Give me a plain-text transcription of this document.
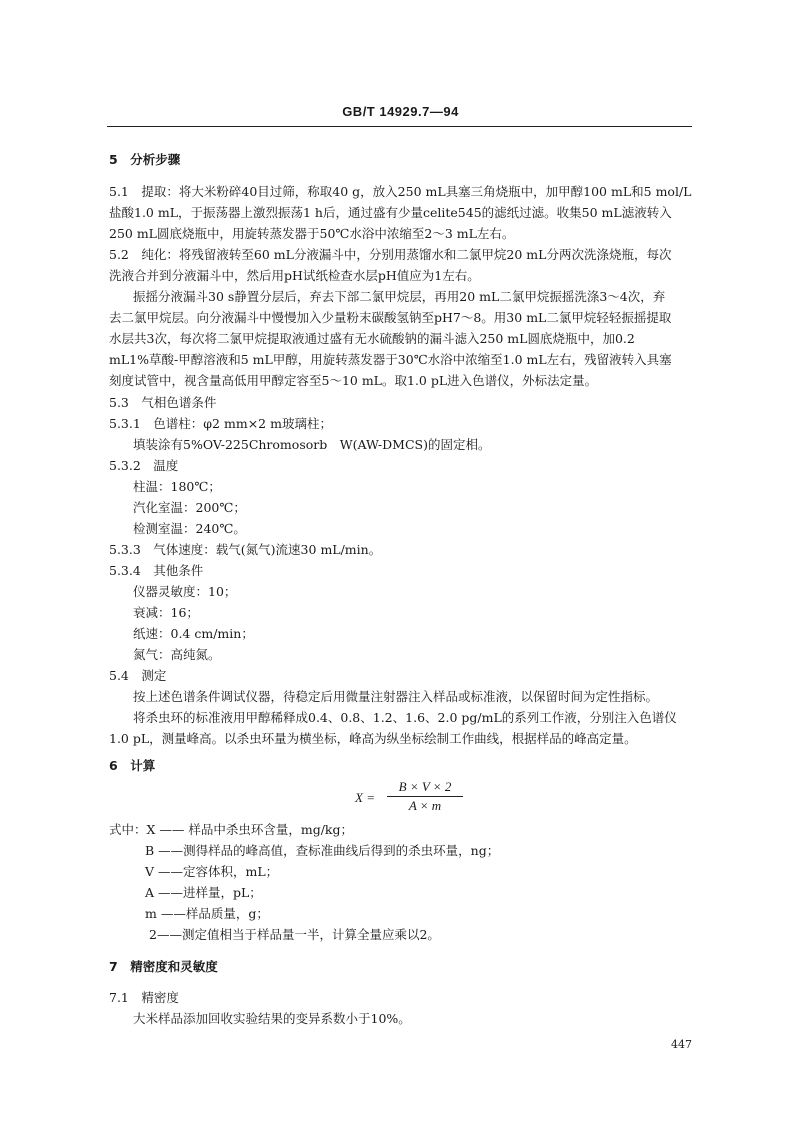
GB/T 14929.7—94
5　分析步骤
5.1　提取：将大米粉碎40目过筛，称取40 g，放入250 mL具塞三角烧瓶中，加甲醇100 mL和5 mol/L
盐酸1.0 mL，于振荡器上激烈振荡1 h后，通过盛有少量celite545的滤纸过滤。收集50 mL滤液转入
250 mL圆底烧瓶中，用旋转蒸发器于50℃水浴中浓缩至2～3 mL左右。
5.2　纯化：将残留液转至60 mL分液漏斗中，分别用蒸馏水和二氯甲烷20 mL分两次洗涤烧瓶，每次
洗液合并到分液漏斗中，然后用pH试纸检查水层pH值应为1左右。
振摇分液漏斗30 s静置分层后，弃去下部二氯甲烷层，再用20 mL二氯甲烷振摇洗涤3～4次，弃
去二氯甲烷层。向分液漏斗中慢慢加入少量粉末碳酸氢钠至pH7～8。用30 mL二氯甲烷轻轻振摇提取
水层共3次，每次将二氯甲烷提取液通过盛有无水硫酸钠的漏斗滤入250 mL圆底烧瓶中，加0.2
mL1%草酸-甲醇溶液和5 mL甲醇，用旋转蒸发器于30℃水浴中浓缩至1.0 mL左右，残留液转入具塞
刻度试管中，视含量高低用甲醇定容至5～10 mL。取1.0 pL进入色谱仪，外标法定量。
5.3　气相色谱条件
5.3.1　色谱柱：φ2 mm×2 m玻璃柱；
填装涂有5%OV-225Chromosorb　W(AW-DMCS)的固定相。
5.3.2　温度
柱温：180℃；
汽化室温：200℃；
检测室温：240℃。
5.3.3　气体速度：载气(氮气)流速30 mL/min。
5.3.4　其他条件
仪器灵敏度：10；
衰减：16；
纸速：0.4 cm/min；
氮气：高纯氮。
5.4　测定
按上述色谱条件调试仪器，待稳定后用微量注射器注入样品或标准液，以保留时间为定性指标。
将杀虫环的标准液用甲醇稀释成0.4、0.8、1.2、1.6、2.0 pg/mL的系列工作液，分别注入色谱仪
1.0 pL，测量峰高。以杀虫环量为横坐标，峰高为纵坐标绘制工作曲线，根据样品的峰高定量。
6　计算
X =
B × V × 2
A × m
式中：X —— 样品中杀虫环含量，mg/kg；
B ——测得样品的峰高值，查标准曲线后得到的杀虫环量，ng；
V ——定容体积，mL；
A ——进样量，pL；
m ——样品质量，g；
2——测定值相当于样品量一半，计算全量应乘以2。
7　精密度和灵敏度
7.1　精密度
大米样品添加回收实验结果的变异系数小于10%。
447
